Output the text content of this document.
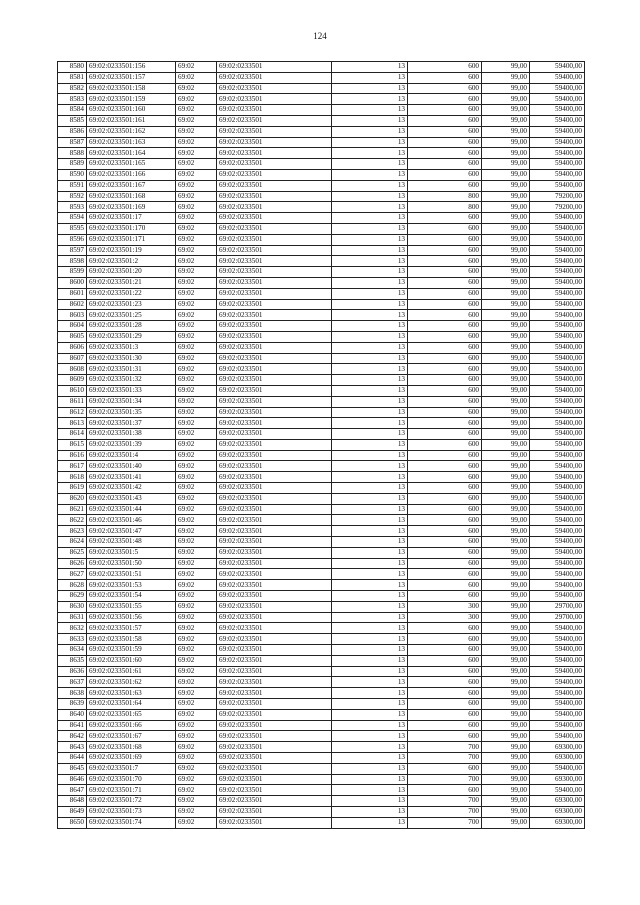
124
8580	69:02:0233501:156	69:02	69:02:0233501	13	600	99,00	59400,00
8581	69:02:0233501:157	69:02	69:02:0233501	13	600	99,00	59400,00
8582	69:02:0233501:158	69:02	69:02:0233501	13	600	99,00	59400,00
8583	69:02:0233501:159	69:02	69:02:0233501	13	600	99,00	59400,00
8584	69:02:0233501:160	69:02	69:02:0233501	13	600	99,00	59400,00
8585	69:02:0233501:161	69:02	69:02:0233501	13	600	99,00	59400,00
8586	69:02:0233501:162	69:02	69:02:0233501	13	600	99,00	59400,00
8587	69:02:0233501:163	69:02	69:02:0233501	13	600	99,00	59400,00
8588	69:02:0233501:164	69:02	69:02:0233501	13	600	99,00	59400,00
8589	69:02:0233501:165	69:02	69:02:0233501	13	600	99,00	59400,00
8590	69:02:0233501:166	69:02	69:02:0233501	13	600	99,00	59400,00
8591	69:02:0233501:167	69:02	69:02:0233501	13	600	99,00	59400,00
8592	69:02:0233501:168	69:02	69:02:0233501	13	800	99,00	79200,00
8593	69:02:0233501:169	69:02	69:02:0233501	13	800	99,00	79200,00
8594	69:02:0233501:17	69:02	69:02:0233501	13	600	99,00	59400,00
8595	69:02:0233501:170	69:02	69:02:0233501	13	600	99,00	59400,00
8596	69:02:0233501:171	69:02	69:02:0233501	13	600	99,00	59400,00
8597	69:02:0233501:19	69:02	69:02:0233501	13	600	99,00	59400,00
8598	69:02:0233501:2	69:02	69:02:0233501	13	600	99,00	59400,00
8599	69:02:0233501:20	69:02	69:02:0233501	13	600	99,00	59400,00
8600	69:02:0233501:21	69:02	69:02:0233501	13	600	99,00	59400,00
8601	69:02:0233501:22	69:02	69:02:0233501	13	600	99,00	59400,00
8602	69:02:0233501:23	69:02	69:02:0233501	13	600	99,00	59400,00
8603	69:02:0233501:25	69:02	69:02:0233501	13	600	99,00	59400,00
8604	69:02:0233501:28	69:02	69:02:0233501	13	600	99,00	59400,00
8605	69:02:0233501:29	69:02	69:02:0233501	13	600	99,00	59400,00
8606	69:02:0233501:3	69:02	69:02:0233501	13	600	99,00	59400,00
8607	69:02:0233501:30	69:02	69:02:0233501	13	600	99,00	59400,00
8608	69:02:0233501:31	69:02	69:02:0233501	13	600	99,00	59400,00
8609	69:02:0233501:32	69:02	69:02:0233501	13	600	99,00	59400,00
8610	69:02:0233501:33	69:02	69:02:0233501	13	600	99,00	59400,00
8611	69:02:0233501:34	69:02	69:02:0233501	13	600	99,00	59400,00
8612	69:02:0233501:35	69:02	69:02:0233501	13	600	99,00	59400,00
8613	69:02:0233501:37	69:02	69:02:0233501	13	600	99,00	59400,00
8614	69:02:0233501:38	69:02	69:02:0233501	13	600	99,00	59400,00
8615	69:02:0233501:39	69:02	69:02:0233501	13	600	99,00	59400,00
8616	69:02:0233501:4	69:02	69:02:0233501	13	600	99,00	59400,00
8617	69:02:0233501:40	69:02	69:02:0233501	13	600	99,00	59400,00
8618	69:02:0233501:41	69:02	69:02:0233501	13	600	99,00	59400,00
8619	69:02:0233501:42	69:02	69:02:0233501	13	600	99,00	59400,00
8620	69:02:0233501:43	69:02	69:02:0233501	13	600	99,00	59400,00
8621	69:02:0233501:44	69:02	69:02:0233501	13	600	99,00	59400,00
8622	69:02:0233501:46	69:02	69:02:0233501	13	600	99,00	59400,00
8623	69:02:0233501:47	69:02	69:02:0233501	13	600	99,00	59400,00
8624	69:02:0233501:48	69:02	69:02:0233501	13	600	99,00	59400,00
8625	69:02:0233501:5	69:02	69:02:0233501	13	600	99,00	59400,00
8626	69:02:0233501:50	69:02	69:02:0233501	13	600	99,00	59400,00
8627	69:02:0233501:51	69:02	69:02:0233501	13	600	99,00	59400,00
8628	69:02:0233501:53	69:02	69:02:0233501	13	600	99,00	59400,00
8629	69:02:0233501:54	69:02	69:02:0233501	13	600	99,00	59400,00
8630	69:02:0233501:55	69:02	69:02:0233501	13	300	99,00	29700,00
8631	69:02:0233501:56	69:02	69:02:0233501	13	300	99,00	29700,00
8632	69:02:0233501:57	69:02	69:02:0233501	13	600	99,00	59400,00
8633	69:02:0233501:58	69:02	69:02:0233501	13	600	99,00	59400,00
8634	69:02:0233501:59	69:02	69:02:0233501	13	600	99,00	59400,00
8635	69:02:0233501:60	69:02	69:02:0233501	13	600	99,00	59400,00
8636	69:02:0233501:61	69:02	69:02:0233501	13	600	99,00	59400,00
8637	69:02:0233501:62	69:02	69:02:0233501	13	600	99,00	59400,00
8638	69:02:0233501:63	69:02	69:02:0233501	13	600	99,00	59400,00
8639	69:02:0233501:64	69:02	69:02:0233501	13	600	99,00	59400,00
8640	69:02:0233501:65	69:02	69:02:0233501	13	600	99,00	59400,00
8641	69:02:0233501:66	69:02	69:02:0233501	13	600	99,00	59400,00
8642	69:02:0233501:67	69:02	69:02:0233501	13	600	99,00	59400,00
8643	69:02:0233501:68	69:02	69:02:0233501	13	700	99,00	69300,00
8644	69:02:0233501:69	69:02	69:02:0233501	13	700	99,00	69300,00
8645	69:02:0233501:7	69:02	69:02:0233501	13	600	99,00	59400,00
8646	69:02:0233501:70	69:02	69:02:0233501	13	700	99,00	69300,00
8647	69:02:0233501:71	69:02	69:02:0233501	13	600	99,00	59400,00
8648	69:02:0233501:72	69:02	69:02:0233501	13	700	99,00	69300,00
8649	69:02:0233501:73	69:02	69:02:0233501	13	700	99,00	69300,00
8650	69:02:0233501:74	69:02	69:02:0233501	13	700	99,00	69300,00
